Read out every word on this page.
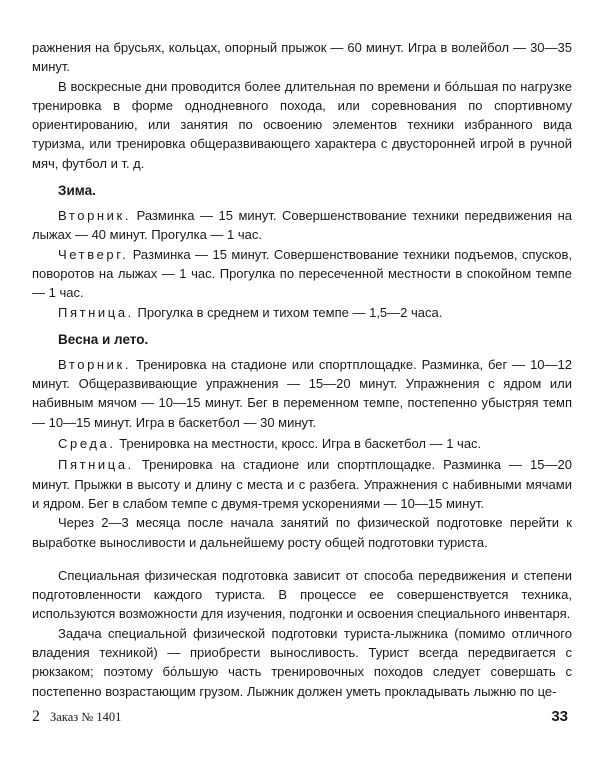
ражнения на брусьях, кольцах, опорный прыжок — 60 минут. Игра в волейбол — 30—35 минут.

В воскресные дни проводится более длительная по времени и бо́льшая по нагрузке тренировка в форме однодневного похода, или соревнования по спортивному ориентированию, или занятия по освоению элементов техники избранного вида туризма, или тренировка общеразвивающего характера с двусторонней игрой в ручной мяч, футбол и т. д.

Зима.

Вторник. Разминка — 15 минут. Совершенствование техники передвижения на лыжах — 40 минут. Прогулка — 1 час.

Четверг. Разминка — 15 минут. Совершенствование техники подъемов, спусков, поворотов на лыжах — 1 час. Прогулка по пересеченной местности в спокойном темпе — 1 час.

Пятница. Прогулка в среднем и тихом темпе — 1,5—2 часа.

Весна и лето.

Вторник. Тренировка на стадионе или спортплощадке. Разминка, бег — 10—12 минут. Общеразвивающие упражнения — 15—20 минут. Упражнения с ядром или набивным мячом — 10—15 минут. Бег в переменном темпе, постепенно убыстряя темп — 10—15 минут. Игра в баскетбол — 30 минут.

Среда. Тренировка на местности, кросс. Игра в баскетбол — 1 час.

Пятница. Тренировка на стадионе или спортплощадке. Разминка — 15—20 минут. Прыжки в высоту и длину с места и с разбега. Упражнения с набивными мячами и ядром. Бег в слабом темпе с двумя-тремя ускорениями — 10—15 минут.

Через 2—3 месяца после начала занятий по физической подготовке перейти к выработке выносливости и дальнейшему росту общей подготовки туриста.

Специальная физическая подготовка зависит от способа передвижения и степени подготовленности каждого туриста. В процессе ее совершенствуется техника, используются возможности для изучения, подгонки и освоения специального инвентаря.

Задача специальной физической подготовки туриста-лыжника (помимо отличного владения техникой) — приобрести выносливость. Турист всегда передвигается с рюкзаком; поэтому бо́льшую часть тренировочных походов следует совершать с постепенно возрастающим грузом. Лыжник должен уметь прокладывать лыжню по це-

2 Заказ № 1401	33
